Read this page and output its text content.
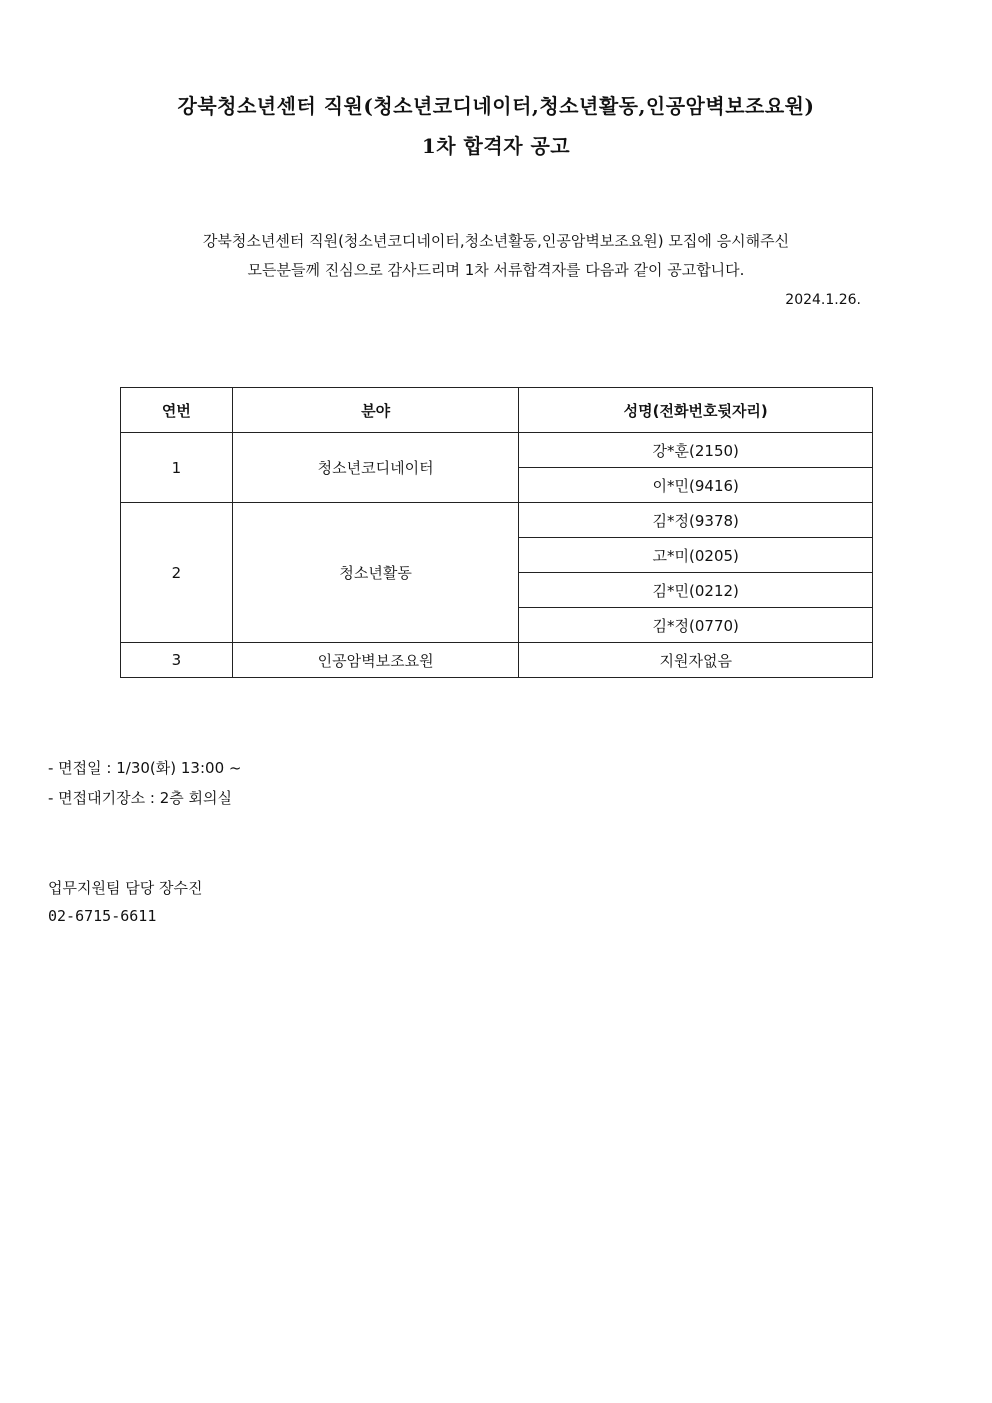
강북청소년센터 직원(청소년코디네이터,청소년활동,인공암벽보조요원)
1차 합격자 공고
강북청소년센터 직원(청소년코디네이터,청소년활동,인공암벽보조요원) 모집에 응시해주신
모든분들께 진심으로 감사드리며 1차 서류합격자를 다음과 같이 공고합니다.
2024.1.26.
연번	분야	성명(전화번호뒷자리)
1	청소년코디네이터	강*훈(2150)
		이*민(9416)
2	청소년활동	김*정(9378)
		고*미(0205)
		김*민(0212)
		김*정(0770)
3	인공암벽보조요원	지원자없음
- 면접일 : 1/30(화) 13:00 ~
- 면접대기장소 : 2층 회의실
업무지원팀 담당 장수진
02-6715-6611
